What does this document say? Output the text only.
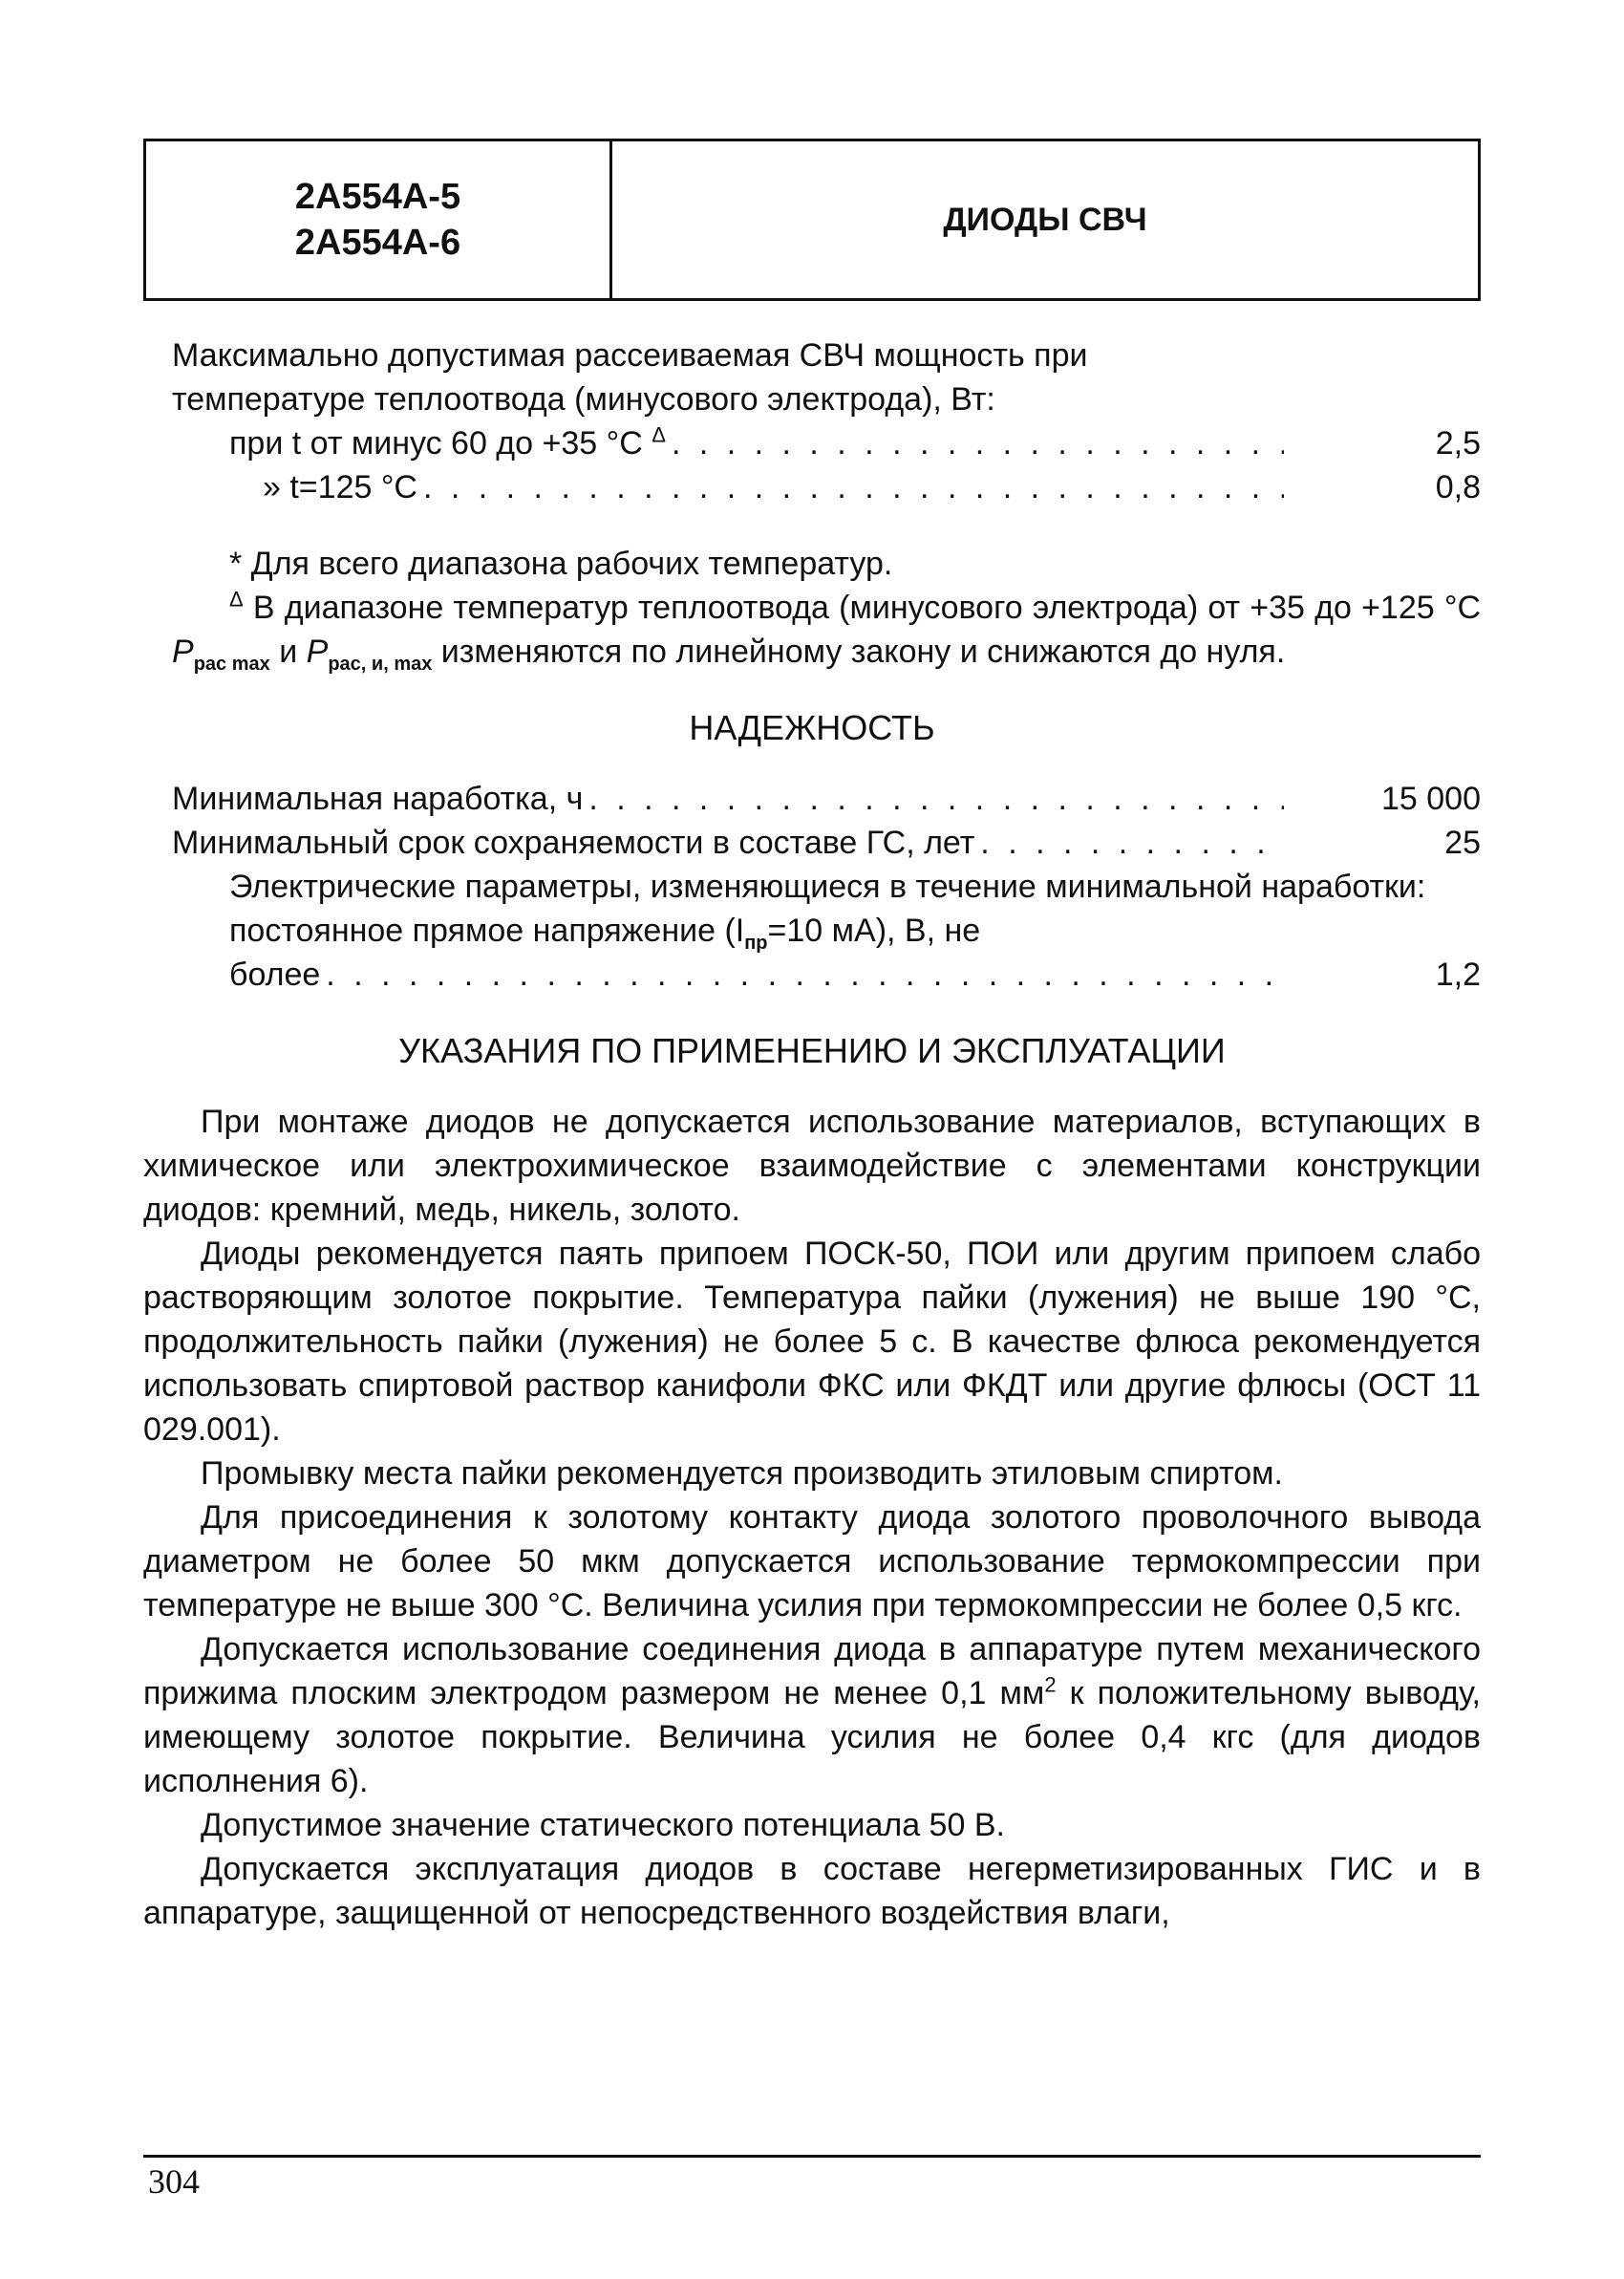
2А554А-5
2А554А-6
ДИОДЫ СВЧ
Максимально допустимая рассеиваемая СВЧ мощность при температуре теплоотвода (минусового электрода), Вт:
при t от минус 60 до +35 °С $^\Delta$ . . .	2,5
» t=125 °С . . .	0,8
* Для всего диапазона рабочих температур.
$^\Delta$ В диапазоне температур теплоотвода (минусового электрода) от +35 до +125 °С $P_{рас max}$ и $P_{рас, и, max}$ изменяются по линейному закону и снижаются до нуля.
НАДЕЖНОСТЬ
Минимальная наработка, ч . . .	15 000
Минимальный срок сохраняемости в составе ГС, лет . . .	25
Электрические параметры, изменяющиеся в течение минимальной наработки:
постоянное прямое напряжение ($I_{пр}=10$ мА), В, не
более . . .	1,2
УКАЗАНИЯ ПО ПРИМЕНЕНИЮ И ЭКСПЛУАТАЦИИ

При монтаже диодов не допускается использование материалов, вступающих в химическое или электрохимическое взаимодействие с элементами конструкции диодов: кремний, медь, никель, золото.

Диоды рекомендуется паять припоем ПОСК-50, ПОИ или другим припоем слабо растворяющим золотое покрытие. Температура пайки (лужения) не выше 190 °С, продолжительность пайки (лужения) не более 5 с. В качестве флюса рекомендуется использовать спиртовой раствор канифоли ФКС или ФКДТ или другие флюсы (ОСТ 11 029.001).

Промывку места пайки рекомендуется производить этиловым спиртом.

Для присоединения к золотому контакту диода золотого проволочного вывода диаметром не более 50 мкм допускается использование термокомпрессии при температуре не выше 300 °С. Величина усилия при термокомпрессии не более 0,5 кгс.

Допускается использование соединения диода в аппаратуре путем механического прижима плоским электродом размером не менее 0,1 $мм^2$ к положительному выводу, имеющему золотое покрытие. Величина усилия не более 0,4 кгс (для диодов исполнения 6).

Допустимое значение статического потенциала 50 В.

Допускается эксплуатация диодов в составе негерметизированных ГИС и в аппаратуре, защищенной от непосредственного воздействия влаги,

304
